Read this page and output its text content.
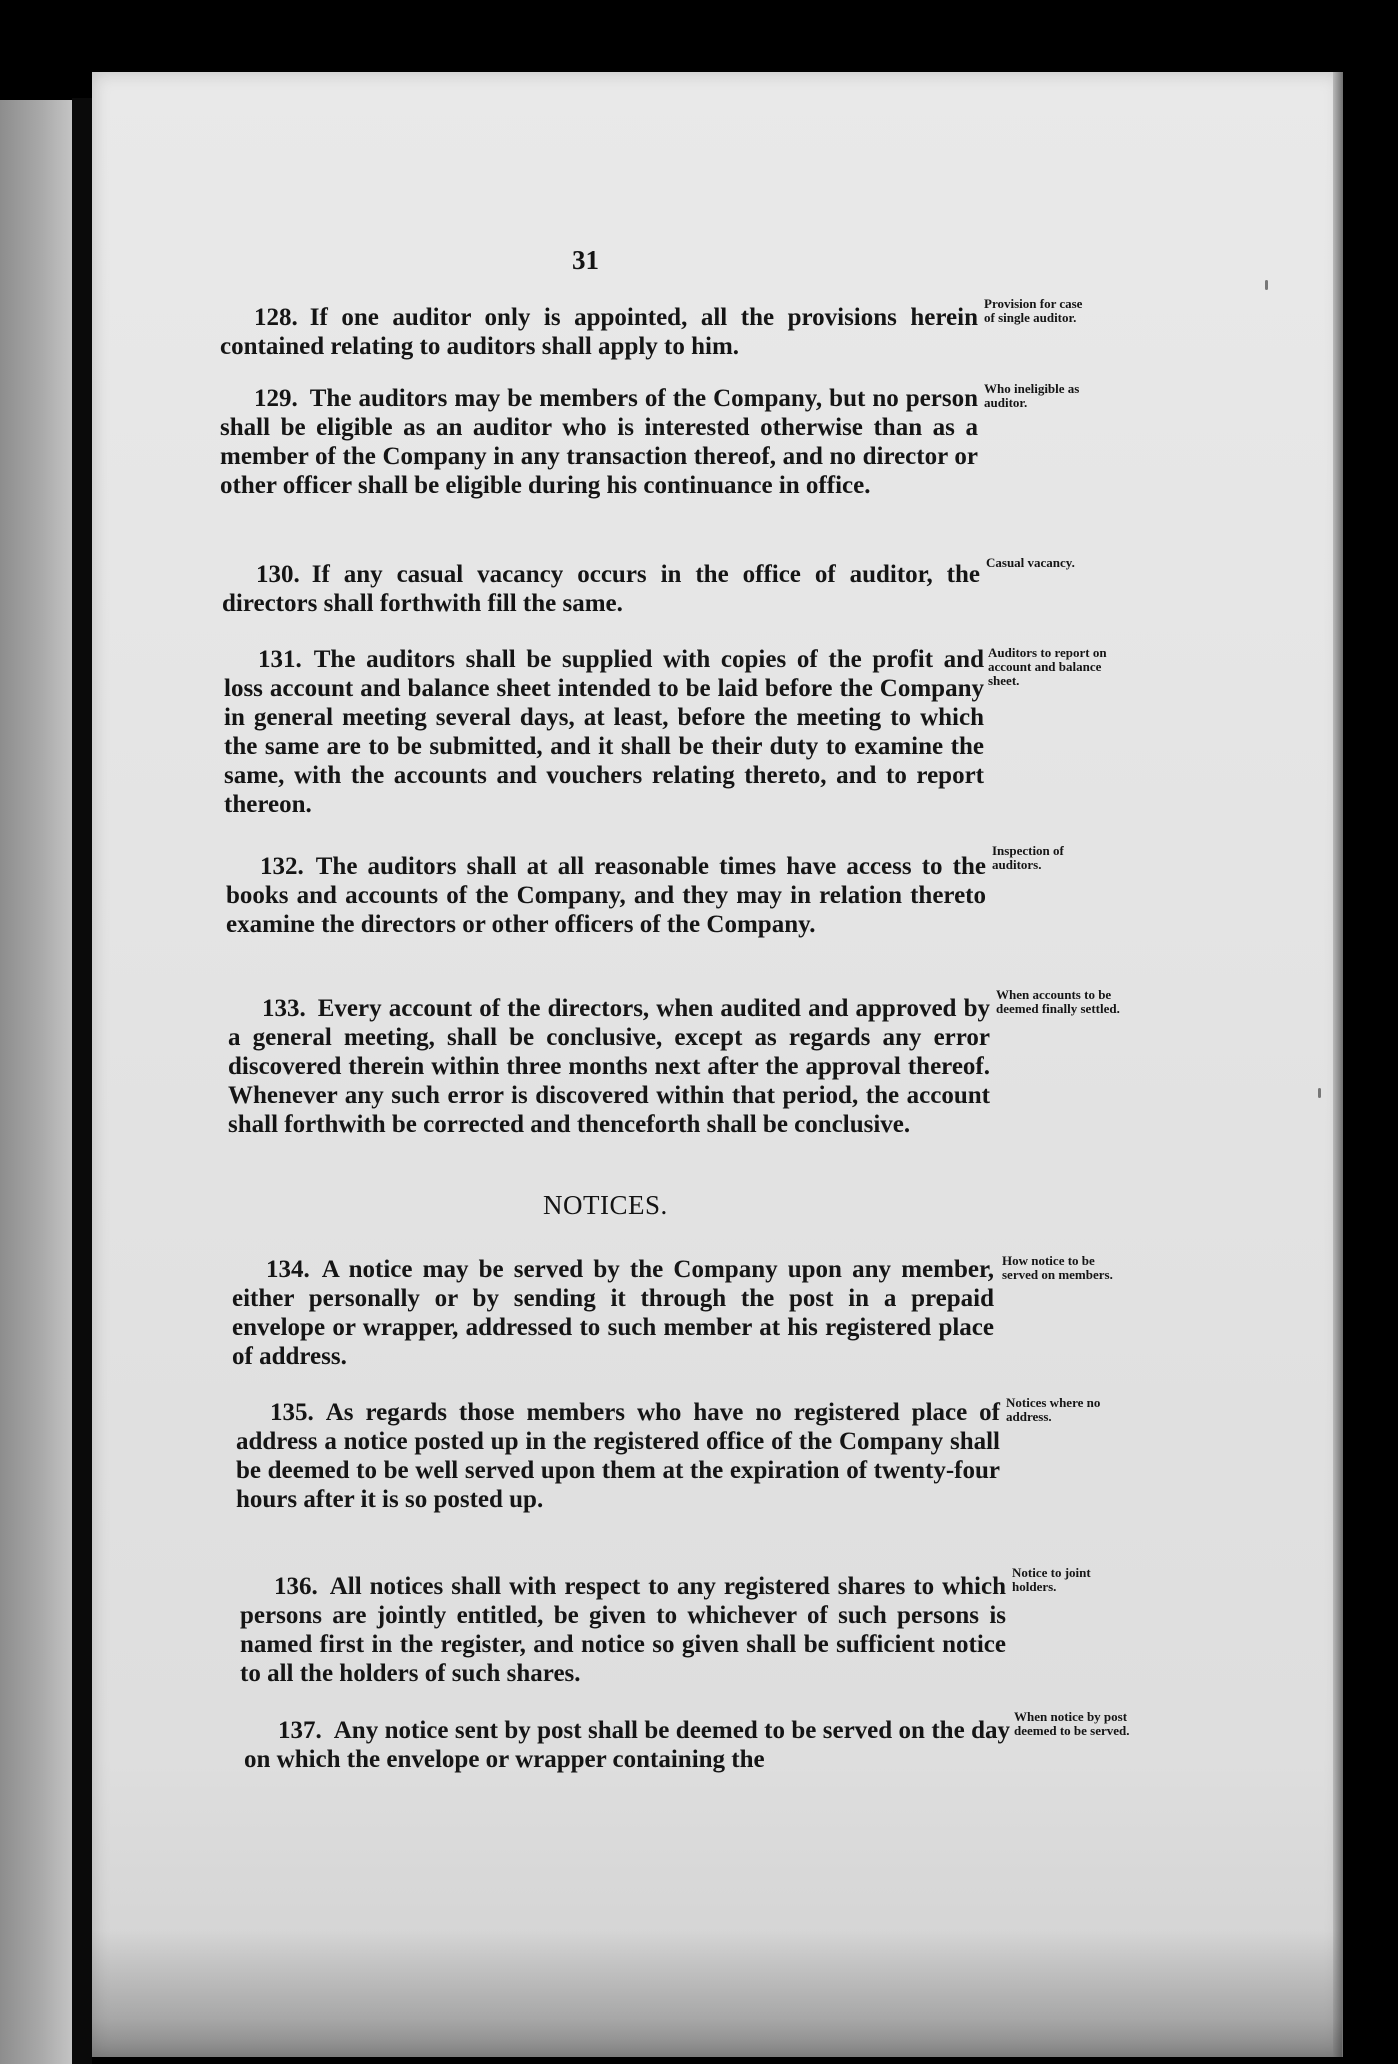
31

128. If one auditor only is appointed, all the provisions herein contained relating to auditors shall apply to him.

Provision for case of single auditor.

129. The auditors may be members of the Company, but no person shall be eligible as an auditor who is interested otherwise than as a member of the Company in any transaction thereof, and no director or other officer shall be eligible during his continuance in office.

Who ineligible as auditor.

130. If any casual vacancy occurs in the office of auditor, the directors shall forthwith fill the same.

Casual vacancy.

131. The auditors shall be supplied with copies of the profit and loss account and balance sheet intended to be laid before the Company in general meeting several days, at least, before the meeting to which the same are to be submitted, and it shall be their duty to examine the same, with the accounts and vouchers relating thereto, and to report thereon.

Auditors to report on account and balance sheet.

132. The auditors shall at all reasonable times have access to the books and accounts of the Company, and they may in relation thereto examine the directors or other officers of the Company.

Inspection of auditors.

133. Every account of the directors, when audited and approved by a general meeting, shall be conclusive, except as regards any error discovered therein within three months next after the approval thereof. Whenever any such error is discovered within that period, the account shall forthwith be corrected and thenceforth shall be conclusive.

When accounts to be deemed finally settled.

NOTICES.

134. A notice may be served by the Company upon any member, either personally or by sending it through the post in a prepaid envelope or wrapper, addressed to such member at his registered place of address.

How notice to be served on members.

135. As regards those members who have no registered place of address a notice posted up in the registered office of the Company shall be deemed to be well served upon them at the expiration of twenty-four hours after it is so posted up.

Notices where no address.

136. All notices shall with respect to any registered shares to which persons are jointly entitled, be given to whichever of such persons is named first in the register, and notice so given shall be sufficient notice to all the holders of such shares.

Notice to joint holders.

137. Any notice sent by post shall be deemed to be served on the day on which the envelope or wrapper containing the

When notice by post deemed to be served.
